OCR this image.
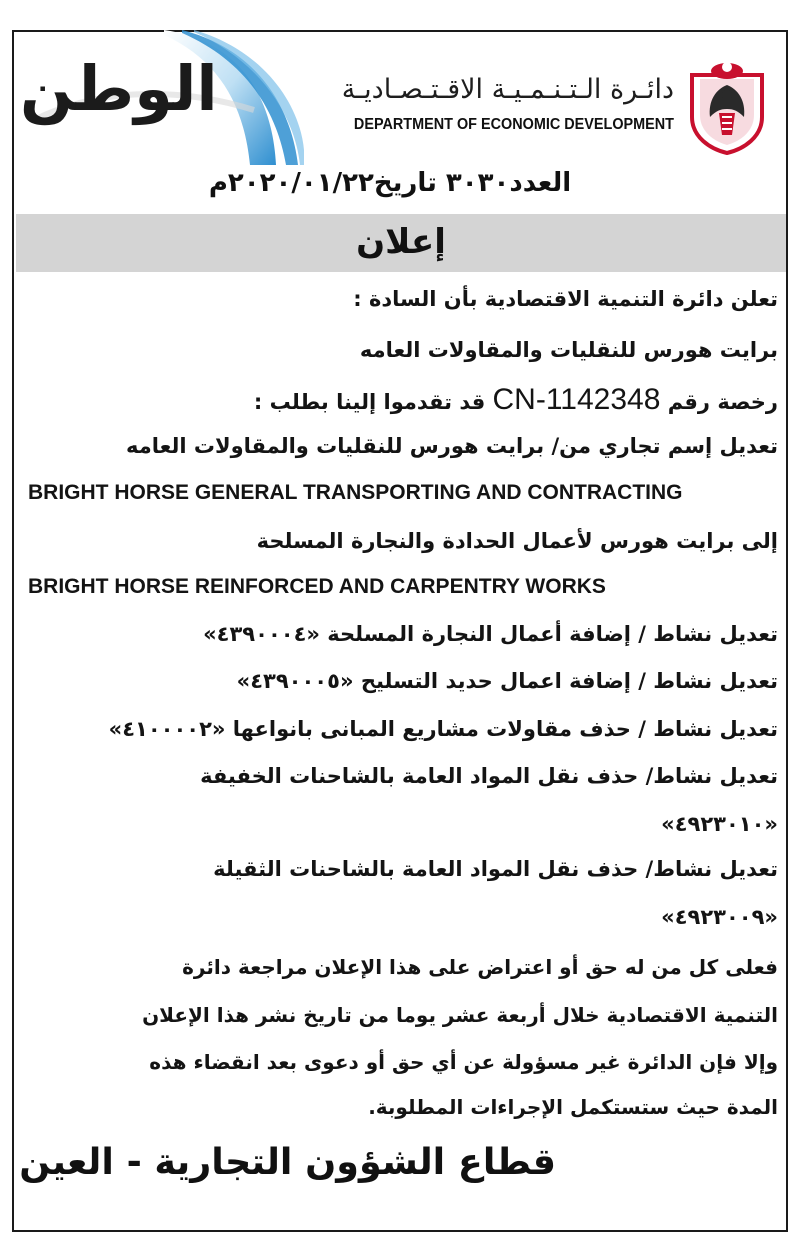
الوطن	دائـرة الـتـنـمـيـة الاقـتـصـاديـة
DEPARTMENT OF ECONOMIC DEVELOPMENT
العدد٣٠٣٠ تاريخ٢٠٢٠/٠١/٢٢م
إعلان
تعلن دائرة التنمية الاقتصادية بأن السادة :
برايت هورس للنقليات والمقاولات العامه
رخصة رقم CN-1142348 قد تقدموا إلينا بطلب :
تعديل إسم تجاري من/ برايت هورس للنقليات والمقاولات العامه
BRIGHT HORSE GENERAL TRANSPORTING AND CONTRACTING
إلى برايت هورس لأعمال الحدادة والنجارة المسلحة
BRIGHT HORSE REINFORCED AND CARPENTRY WORKS
تعديل نشاط / إضافة أعمال النجارة المسلحة «٤٣٩٠٠٠٤»
تعديل نشاط / إضافة اعمال حديد التسليح «٤٣٩٠٠٠٥»
تعديل نشاط / حذف مقاولات مشاريع المبانى بانواعها «٤١٠٠٠٠٢»
تعديل نشاط/ حذف نقل المواد العامة بالشاحنات الخفيفة
«٤٩٢٣٠١٠»
تعديل نشاط/ حذف نقل المواد العامة بالشاحنات الثقيلة
«٤٩٢٣٠٠٩»
فعلى كل من له حق أو اعتراض على هذا الإعلان مراجعة دائرة
التنمية الاقتصادية خلال أربعة عشر يوما من تاريخ نشر هذا الإعلان
وإلا فإن الدائرة غير مسؤولة عن أي حق أو دعوى بعد انقضاء هذه
المدة حيث ستستكمل الإجراءات المطلوبة.
قطاع الشؤون التجارية - العين
